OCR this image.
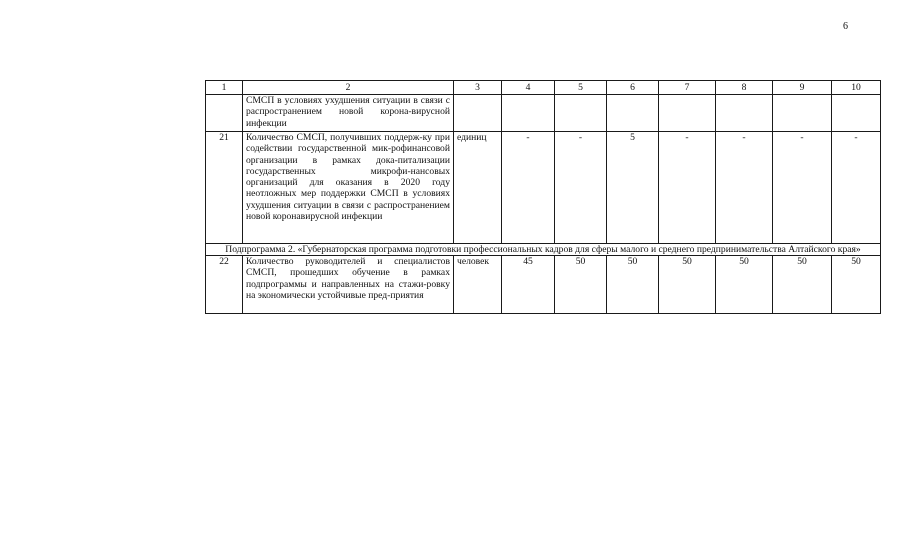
6
1	2	3	4	5	6	7	8	9	10
	СМСП в условиях ухудшения ситуации в связи с распространением новой корона-вирусной инфекции								
21	Количество СМСП, получивших поддерж-ку при содействии государственной мик-рофинансовой организации в рамках дока-питализации государственных микрофи-нансовых организаций для оказания в 2020 году неотложных мер поддержки СМСП в условиях ухудшения ситуации в связи с распространением новой коронавирусной инфекции	единиц	-	-	5	-	-	-	-
Подпрограмма 2. «Губернаторская программа подготовки профессиональных кадров для сферы малого и среднего предпринимательства Алтайского края»									
22	Количество руководителей и специалистов СМСП, прошедших обучение в рамках подпрограммы и направленных на стажи-ровку на экономически устойчивые пред-приятия	человек	45	50	50	50	50	50	50
